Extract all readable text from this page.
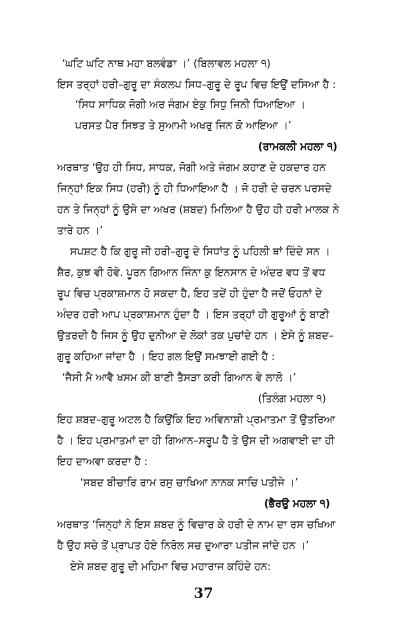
‘ਘਟਿ ਘਟਿ ਨਾਥ ਮਹਾ ਬਲਵੰਡਾ ।’ (ਬਿਲਾਵਲ ਮਹਲਾ ੧)
ਇਸ ਤਰ੍ਹਾਂ ਹਰੀ–ਗੁਰੂ ਦਾ ਸੰਕਲਪ ਸਿਧ–ਗੁਰੂ ਦੇ ਰੂਪ ਵਿਚ ਇਉਂ ਦਸਿਆ ਹੈ :
‘ਸਿਧ ਸਾਧਿਕ ਜੋਗੀ ਅਰ ਜੰਗਮ ਏਕੁ ਸਿਧੁ ਜਿਨੀ ਧਿਆਇਆ ।
ਪਰਸਤ ਪੈਰ ਸਿਝਤ ਤੇ ਸੁਆਮੀ ਅਖਰੁ ਜਿਨ ਕੋ ਆਇਆ ।’
(ਰਾਮਕਲੀ ਮਹਲਾ ੧)
ਅਰਥਾਤ ‘ਉਹ ਹੀ ਸਿਧ, ਸਾਧਕ, ਜੋਗੀ ਅਤੇ ਜੰਗਮ ਕਹਾਣ ਦੇ ਹਕਦਾਰ ਹਨ
ਜਿਨ੍ਹਾਂ ਇਕ ਸਿਧ (ਹਰੀ) ਨੂੰ ਹੀ ਧਿਆਇਆ ਹੈ । ਜੋ ਹਰੀ ਦੇ ਚਰਨ ਪਰਸਦੇ
ਹਨ ਤੇ ਜਿਨ੍ਹਾਂ ਨੂੰ ਉਸੇ ਦਾ ਅਖਰ (ਸ਼ਬਦ) ਮਿਲਿਆ ਹੈ ਉਹ ਹੀ ਹਰੀ ਮਾਲਕ ਨੇ
ਤਾਰੇ ਹਨ ।’
ਸਪਸ਼ਟ ਹੈ ਕਿ ਗੁਰੂ ਜੀ ਹਰੀ–ਗੁਰੂ ਦੇ ਸਿਧਾਂਤ ਨੂੰ ਪਹਿਲੀ ਥਾਂ ਦਿੰਦੇ ਸਨ ।
ਸ਼ੈਰ, ਕੁਝ ਵੀ ਹੋਵੇ. ਪੂਰਨ ਗਿਆਨ ਜਿੰਨਾ ਕੁ ਇਨਸਾਨ ਦੇ ਅੰਦਰ ਵਧ ਤੋਂ ਵਧ
ਰੂਪ ਵਿਚ ਪ੍ਰਕਾਸ਼ਮਾਨ ਹੋ ਸਕਦਾ ਹੈ, ਇਹ ਤਦੇਂ ਹੀ ਹੁੰਦਾ ਹੈ ਜਦੋਂ ਓਹਨਾਂ ਦੇ
ਅੰਦਰ ਹਰੀ ਆਪ ਪ੍ਰਕਾਸ਼ਮਾਨ ਹੁੰਦਾ ਹੈ । ਇਸ ਤਰ੍ਹਾਂ ਹੀ ਗੁਰੂਆਂ ਨੂੰ ਬਾਣੀ
ਉਤਰਦੀ ਹੈ ਜਿਸ ਨੂੰ ਉਹ ਦੁਨੀਆ ਦੇ ਲੋਕਾਂ ਤਕ ਪੁਚਾਂਦੇ ਹਨ । ਏਸੇ ਨੂੰ ਸ਼ਬਦ–
ਗੁਰੂ ਕਹਿਆ ਜਾਂਦਾ ਹੈ । ਇਹ ਗਲ ਇਉਂ ਸਮਝਾਈ ਗਈ ਹੈ :
‘ਜੈਸੀ ਮੈ ਆਵੈ ਖਸਮ ਕੀ ਬਾਣੀ ਤੈਸੜਾ ਕਰੀ ਗਿਆਨ ਵੇ ਲਾਲੋ ।’
(ਤਿਲੰਗ ਮਹਲਾ ੧)
ਇਹ ਸ਼ਬਦ–ਗੁਰੂ ਅਟਲ ਹੈ ਕਿਉਂਕਿ ਇਹ ਅਵਿਨਾਸ਼ੀ ਪ੍ਰਮਾਤਮਾ ਤੋਂ ਉਤਰਿਆ
ਹੈ । ਇਹ ਪ੍ਰਮਾਤਮਾਂ ਦਾ ਹੀ ਗਿਆਨ–ਸਰੂਪ ਹੈ ਤੇ ਉਸ ਦੀ ਅਗਵਾਈ ਦਾ ਹੀ
ਇਹ ਦਾਅਵਾ ਕਰਦਾ ਹੈ :
‘ਸਬਦ ਬੀਚਾਰਿ ਰਾਮ ਰਸੁ ਚਾਖਿਆ ਨਾਨਕ ਸਾਚਿ ਪਤੀਜੇ ।’
(ਭੈਰਉ ਮਹਲਾ ੧)
ਅਰਥਾਤ ‘ਜਿਨ੍ਹਾਂ ਨੇ ਇਸ ਸ਼ਬਦ ਨੂੰ ਵਿਚਾਰ ਕੇ ਹਰੀ ਦੇ ਨਾਮ ਦਾ ਰਸ ਚਖਿਆ
ਹੈ ਉਹ ਸਚੇ ਤੋਂ ਪ੍ਰਾਪਤ ਹੋਏ ਨਿਰੋਲ ਸਚ ਦੁਆਰਾ ਪਤੀਜ ਜਾਂਦੇ ਹਨ ।’
ਏਸੇ ਸ਼ਬਦ ਗੁਰੂ ਦੀ ਮਹਿਮਾ ਵਿਚ ਮਹਾਰਾਜ ਕਹਿੰਦੇ ਹਨ:
37
